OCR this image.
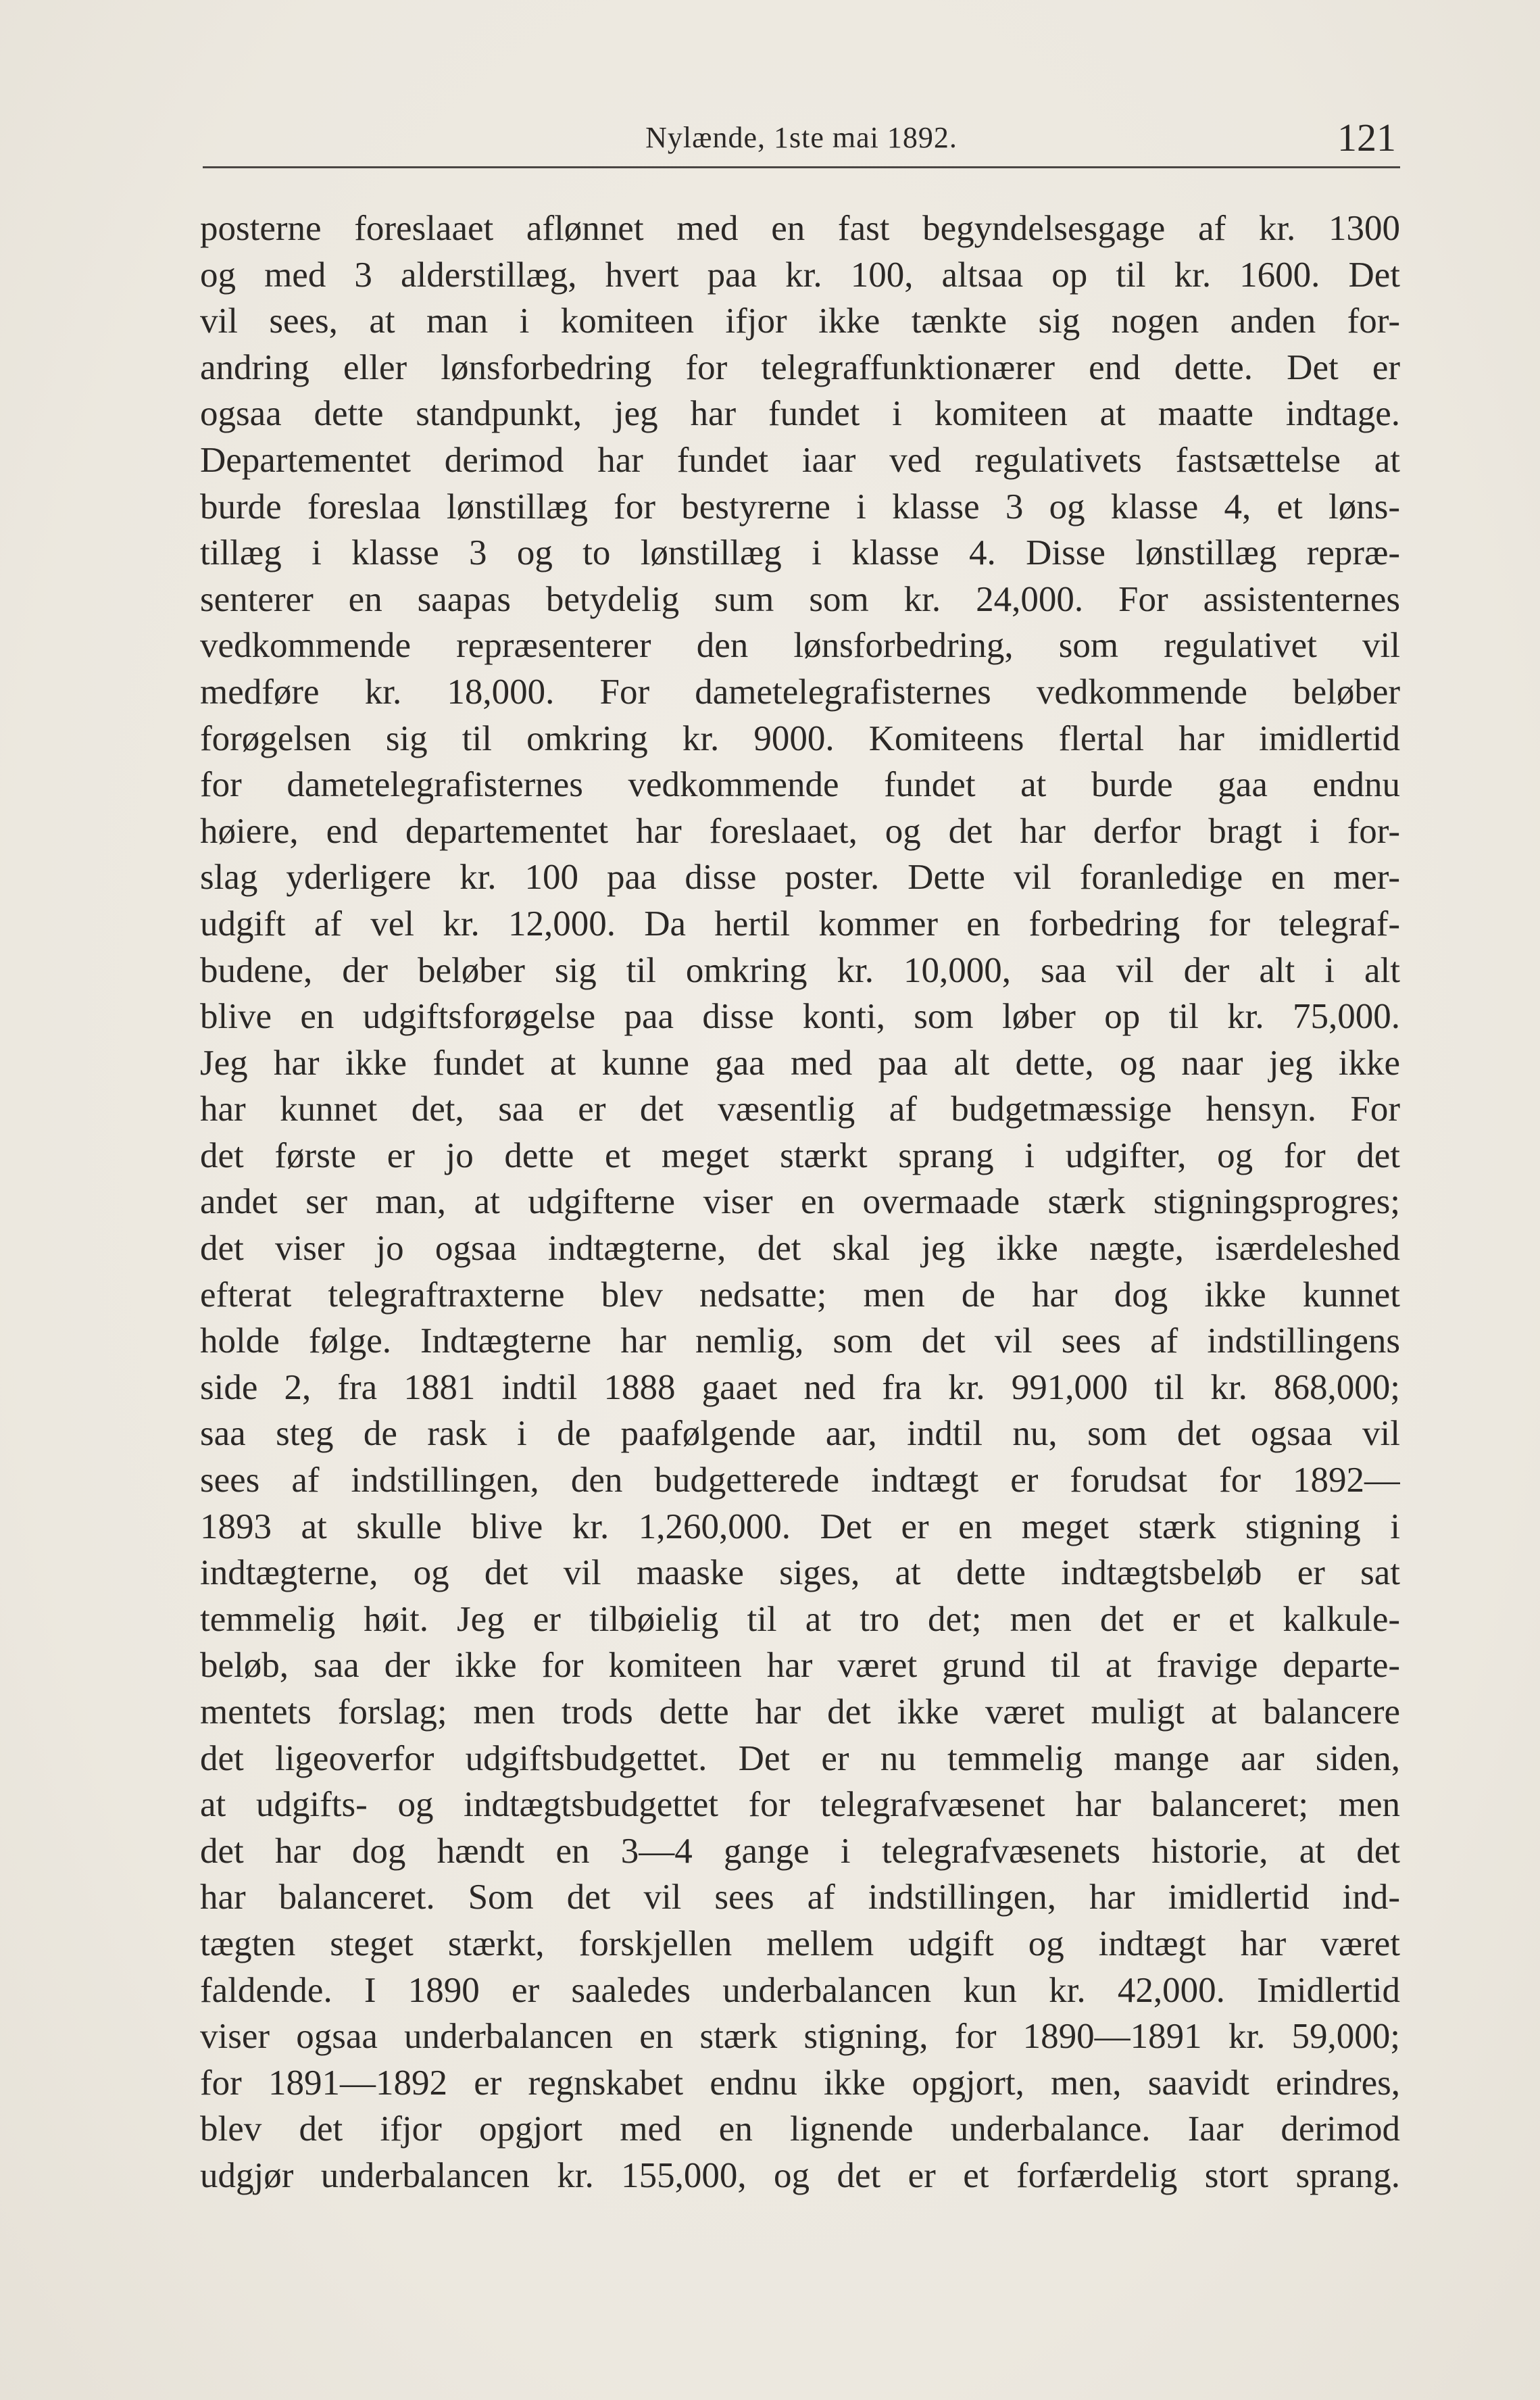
Nylænde, 1ste mai 1892.	121
posterne foreslaaet aflønnet med en fast begyndelsesgage af kr. 1300
og med 3 alderstillæg, hvert paa kr. 100, altsaa op til kr. 1600. Det
vil sees, at man i komiteen ifjor ikke tænkte sig nogen anden for-
andring eller lønsforbedring for telegraffunktionærer end dette. Det er
ogsaa dette standpunkt, jeg har fundet i komiteen at maatte indtage.
Departementet derimod har fundet iaar ved regulativets fastsættelse at
burde foreslaa lønstillæg for bestyrerne i klasse 3 og klasse 4, et løns-
tillæg i klasse 3 og to lønstillæg i klasse 4. Disse lønstillæg repræ-
senterer en saapas betydelig sum som kr. 24,000. For assistenternes
vedkommende repræsenterer den lønsforbedring, som regulativet vil
medføre kr. 18,000. For dametelegrafisternes vedkommende beløber
forøgelsen sig til omkring kr. 9000. Komiteens flertal har imidlertid
for dametelegrafisternes vedkommende fundet at burde gaa endnu
høiere, end departementet har foreslaaet, og det har derfor bragt i for-
slag yderligere kr. 100 paa disse poster. Dette vil foranledige en mer-
udgift af vel kr. 12,000. Da hertil kommer en forbedring for telegraf-
budene, der beløber sig til omkring kr. 10,000, saa vil der alt i alt
blive en udgiftsforøgelse paa disse konti, som løber op til kr. 75,000.
Jeg har ikke fundet at kunne gaa med paa alt dette, og naar jeg ikke
har kunnet det, saa er det væsentlig af budgetmæssige hensyn. For
det første er jo dette et meget stærkt sprang i udgifter, og for det
andet ser man, at udgifterne viser en overmaade stærk stigningsprogres;
det viser jo ogsaa indtægterne, det skal jeg ikke nægte, isærdeleshed
efterat telegraftraxterne blev nedsatte; men de har dog ikke kunnet
holde følge. Indtægterne har nemlig, som det vil sees af indstillingens
side 2, fra 1881 indtil 1888 gaaet ned fra kr. 991,000 til kr. 868,000;
saa steg de rask i de paafølgende aar, indtil nu, som det ogsaa vil
sees af indstillingen, den budgetterede indtægt er forudsat for 1892—
1893 at skulle blive kr. 1,260,000. Det er en meget stærk stigning i
indtægterne, og det vil maaske siges, at dette indtægtsbeløb er sat
temmelig høit. Jeg er tilbøielig til at tro det; men det er et kalkule-
beløb, saa der ikke for komiteen har været grund til at fravige departe-
mentets forslag; men trods dette har det ikke været muligt at balancere
det ligeoverfor udgiftsbudgettet. Det er nu temmelig mange aar siden,
at udgifts- og indtægtsbudgettet for telegrafvæsenet har balanceret; men
det har dog hændt en 3—4 gange i telegrafvæsenets historie, at det
har balanceret. Som det vil sees af indstillingen, har imidlertid ind-
tægten steget stærkt, forskjellen mellem udgift og indtægt har været
faldende. I 1890 er saaledes underbalancen kun kr. 42,000. Imidlertid
viser ogsaa underbalancen en stærk stigning, for 1890—1891 kr. 59,000;
for 1891—1892 er regnskabet endnu ikke opgjort, men, saavidt erindres,
blev det ifjor opgjort med en lignende underbalance. Iaar derimod
udgjør underbalancen kr. 155,000, og det er et forfærdelig stort sprang.
